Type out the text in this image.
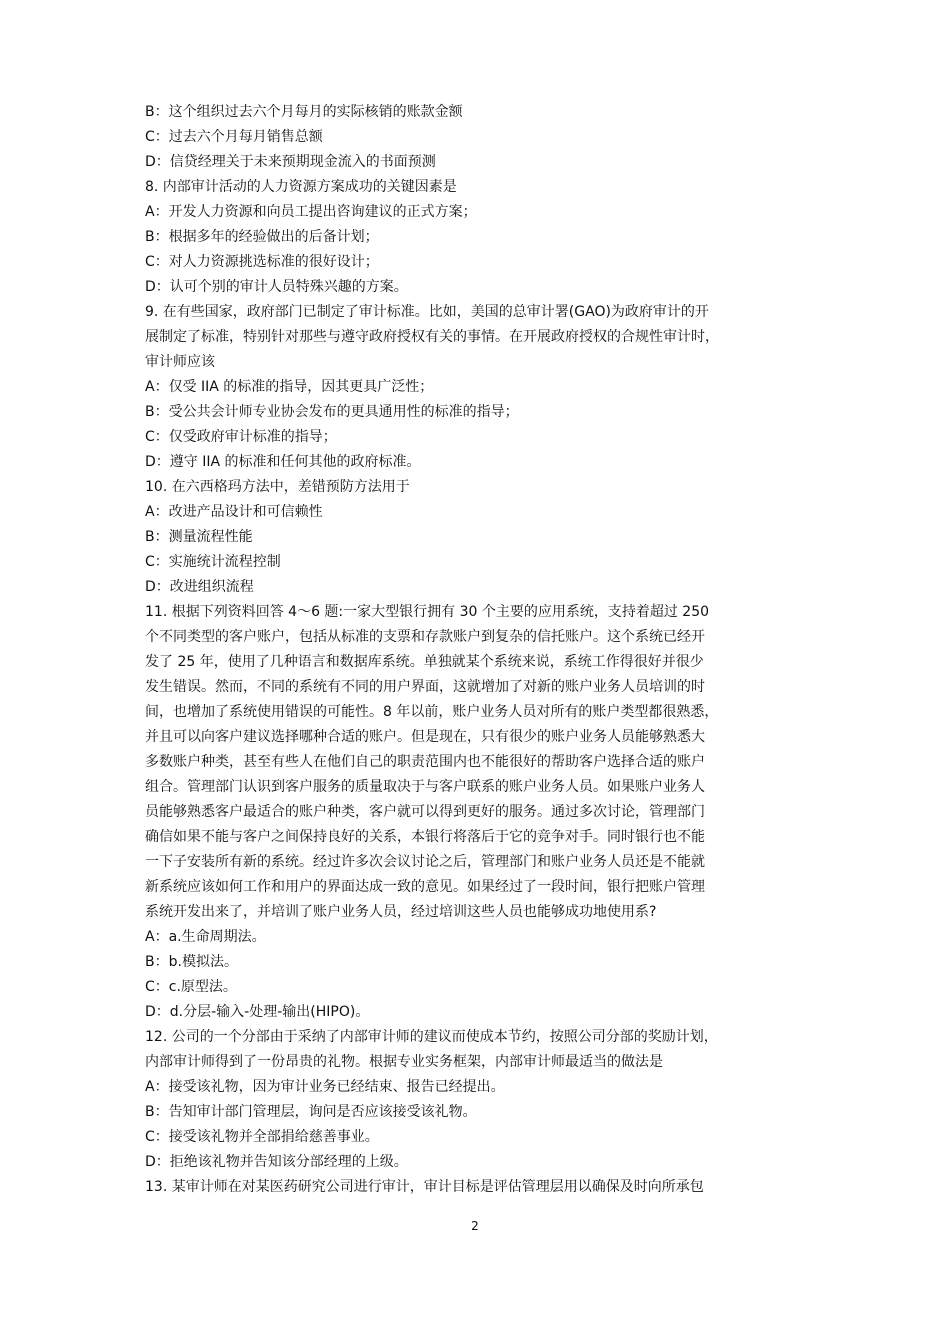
B：这个组织过去六个月每月的实际核销的账款金额
C：过去六个月每月销售总额
D：信贷经理关于未来预期现金流入的书面预测
8. 内部审计活动的人力资源方案成功的关键因素是
A：开发人力资源和向员工提出咨询建议的正式方案；
B：根据多年的经验做出的后备计划；
C：对人力资源挑选标准的很好设计；
D：认可个别的审计人员特殊兴趣的方案。
9. 在有些国家，政府部门已制定了审计标准。比如，美国的总审计署(GAO)为政府审计的开
展制定了标准，特别针对那些与遵守政府授权有关的事情。在开展政府授权的合规性审计时，
审计师应该
A：仅受 IIA 的标准的指导，因其更具广泛性；
B：受公共会计师专业协会发布的更具通用性的标准的指导；
C：仅受政府审计标准的指导；
D：遵守 IIA 的标准和任何其他的政府标准。
10. 在六西格玛方法中，差错预防方法用于
A：改进产品设计和可信赖性
B：测量流程性能
C：实施统计流程控制
D：改进组织流程
11. 根据下列资料回答 4～6 题:一家大型银行拥有 30 个主要的应用系统，支持着超过 250
个不同类型的客户账户，包括从标准的支票和存款账户到复杂的信托账户。这个系统已经开
发了 25 年，使用了几种语言和数据库系统。单独就某个系统来说，系统工作得很好并很少
发生错误。然而，不同的系统有不同的用户界面，这就增加了对新的账户业务人员培训的时
间，也增加了系统使用错误的可能性。8 年以前，账户业务人员对所有的账户类型都很熟悉，
并且可以向客户建议选择哪种合适的账户。但是现在，只有很少的账户业务人员能够熟悉大
多数账户种类，甚至有些人在他们自己的职责范围内也不能很好的帮助客户选择合适的账户
组合。管理部门认识到客户服务的质量取决于与客户联系的账户业务人员。如果账户业务人
员能够熟悉客户最适合的账户种类，客户就可以得到更好的服务。通过多次讨论，管理部门
确信如果不能与客户之间保持良好的关系，本银行将落后于它的竞争对手。同时银行也不能
一下子安装所有新的系统。经过许多次会议讨论之后，管理部门和账户业务人员还是不能就
新系统应该如何工作和用户的界面达成一致的意见。如果经过了一段时间，银行把账户管理
系统开发出来了，并培训了账户业务人员，经过培训这些人员也能够成功地使用系?
A：a.生命周期法。
B：b.模拟法。
C：c.原型法。
D：d.分层-输入-处理-输出(HIPO)。
12. 公司的一个分部由于采纳了内部审计师的建议而使成本节约，按照公司分部的奖励计划，
内部审计师得到了一份昂贵的礼物。根据专业实务框架，内部审计师最适当的做法是
A：接受该礼物，因为审计业务已经结束、报告已经提出。
B：告知审计部门管理层，询问是否应该接受该礼物。
C：接受该礼物并全部捐给慈善事业。
D：拒绝该礼物并告知该分部经理的上级。
13. 某审计师在对某医药研究公司进行审计，审计目标是评估管理层用以确保及时向所承包
2
